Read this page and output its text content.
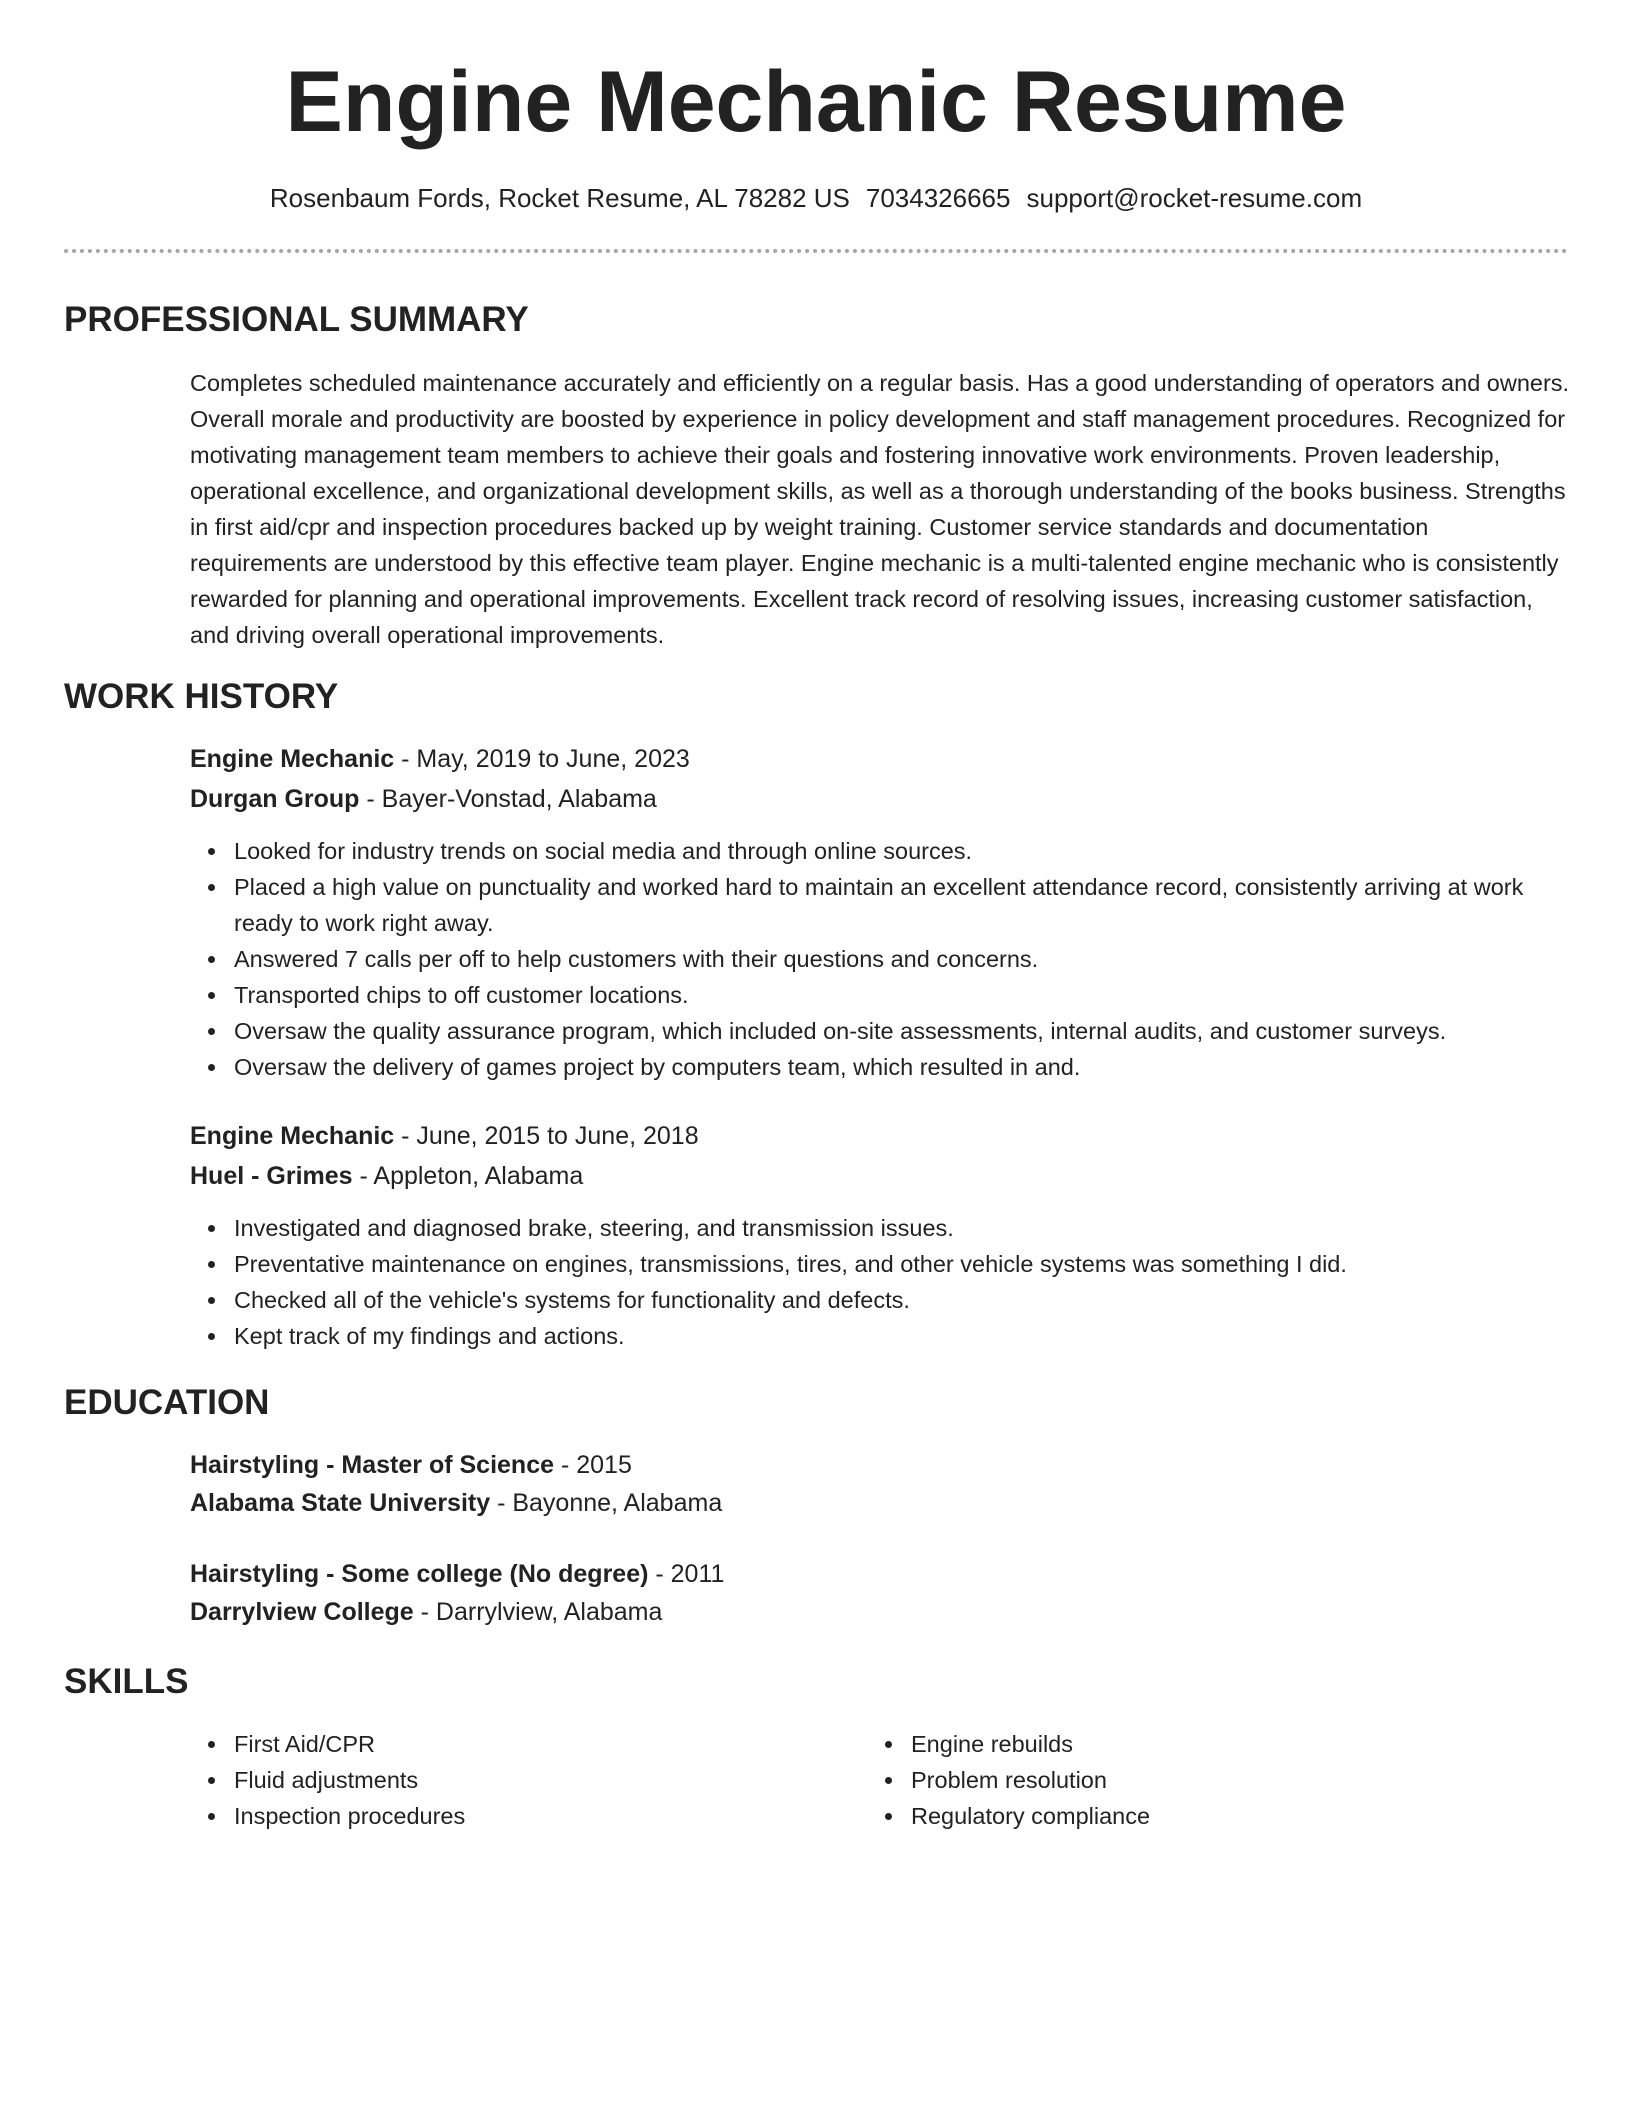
Engine Mechanic Resume
Rosenbaum Fords, Rocket Resume, AL 78282 US 7034326665 support@rocket-resume.com
PROFESSIONAL SUMMARY

Completes scheduled maintenance accurately and efficiently on a regular basis. Has a good understanding of operators and owners. Overall morale and productivity are boosted by experience in policy development and staff management procedures. Recognized for motivating management team members to achieve their goals and fostering innovative work environments. Proven leadership, operational excellence, and organizational development skills, as well as a thorough understanding of the books business. Strengths in first aid/cpr and inspection procedures backed up by weight training. Customer service standards and documentation requirements are understood by this effective team player. Engine mechanic is a multi-talented engine mechanic who is consistently rewarded for planning and operational improvements. Excellent track record of resolving issues, increasing customer satisfaction, and driving overall operational improvements.

WORK HISTORY
Engine Mechanic - May, 2019 to June, 2023
Durgan Group - Bayer-Vonstad, Alabama
Looked for industry trends on social media and through online sources.
Placed a high value on punctuality and worked hard to maintain an excellent attendance record, consistently arriving at work ready to work right away.
Answered 7 calls per off to help customers with their questions and concerns.
Transported chips to off customer locations.
Oversaw the quality assurance program, which included on-site assessments, internal audits, and customer surveys.
Oversaw the delivery of games project by computers team, which resulted in and.
Engine Mechanic - June, 2015 to June, 2018
Huel - Grimes - Appleton, Alabama
Investigated and diagnosed brake, steering, and transmission issues.
Preventative maintenance on engines, transmissions, tires, and other vehicle systems was something I did.
Checked all of the vehicle's systems for functionality and defects.
Kept track of my findings and actions.
EDUCATION
Hairstyling - Master of Science - 2015
Alabama State University - Bayonne, Alabama
Hairstyling - Some college (No degree) - 2011
Darrylview College - Darrylview, Alabama
SKILLS
First Aid/CPR
Fluid adjustments
Inspection procedures
Engine rebuilds
Problem resolution
Regulatory compliance
